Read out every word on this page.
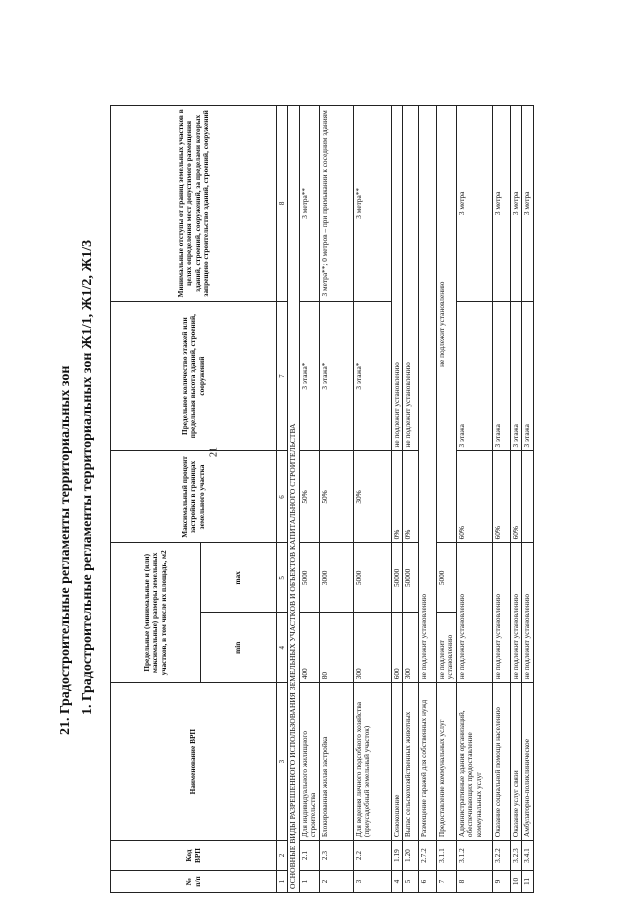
21
21. Градостроительные регламенты территориальных зон 1. Градостроительные регламенты территориальных зон Ж1/1, Ж1/2, Ж1/3
№ п/п	Код ВРП	Наименование ВРП	Предельные (минимальные и (или) максимальные) размеры земельных участков, в том числе их площадь, м2		Максимальный процент застройки в границах земельного участка	Предельное количество этажей или предельная высота зданий, строений, сооружений	Минимальные отступы от границ земельных участков в целях определения мест допустимого размещения зданий, строений, сооружений, за пределами которых запрещено строительство зданий, строений, сооружений
			min	max			
1	2	3	4	5	6	7	8
ОСНОВНЫЕ ВИДЫ РАЗРЕШЕННОГО ИСПОЛЬЗОВАНИЯ ЗЕМЕЛЬНЫХ УЧАСТКОВ И ОБЪЕКТОВ КАПИТАЛЬНОГО СТРОИТЕЛЬСТВА							
1	2.1	Для индивидуального жилищного строительства	400	5000	50%	3 этажа*	3 метра**
2	2.3	Блокированная жилая застройка	80	3000	50%	3 этажа*	3 метра**; 0 метров – при примыкании к соседним зданиям
3	2.2	Для ведения личного подсобного хозяйства (приусадебный земельный участок)	300	5000	30%	3 этажа*	3 метра**
4	1.19	Сенокошение	600	50000	0%	не подлежит установлению	
5	1.20	Выпас сельскохозяйственных животных	300	50000	0%	не подлежит установлению	
6	2.7.2	Размещение гаражей для собственных нужд	не подлежит установлению				
7	3.1.1	Предоставление коммунальных услуг	не подлежит установлению	5000	не подлежит установлению		
8	3.1.2	Административные здания организаций, обеспечивающих предоставление коммунальных услуг	не подлежит установлению		60%	3 этажа	3 метра
9	3.2.2	Оказание социальной помощи населению	не подлежит установлению		60%	3 этажа	3 метра
10	3.2.3	Оказание услуг связи	не подлежит установлению		60%	3 этажа	3 метра
11	3.4.1	Амбулаторно-поликлиническое	не подлежит установлению			3 этажа	3 метра
